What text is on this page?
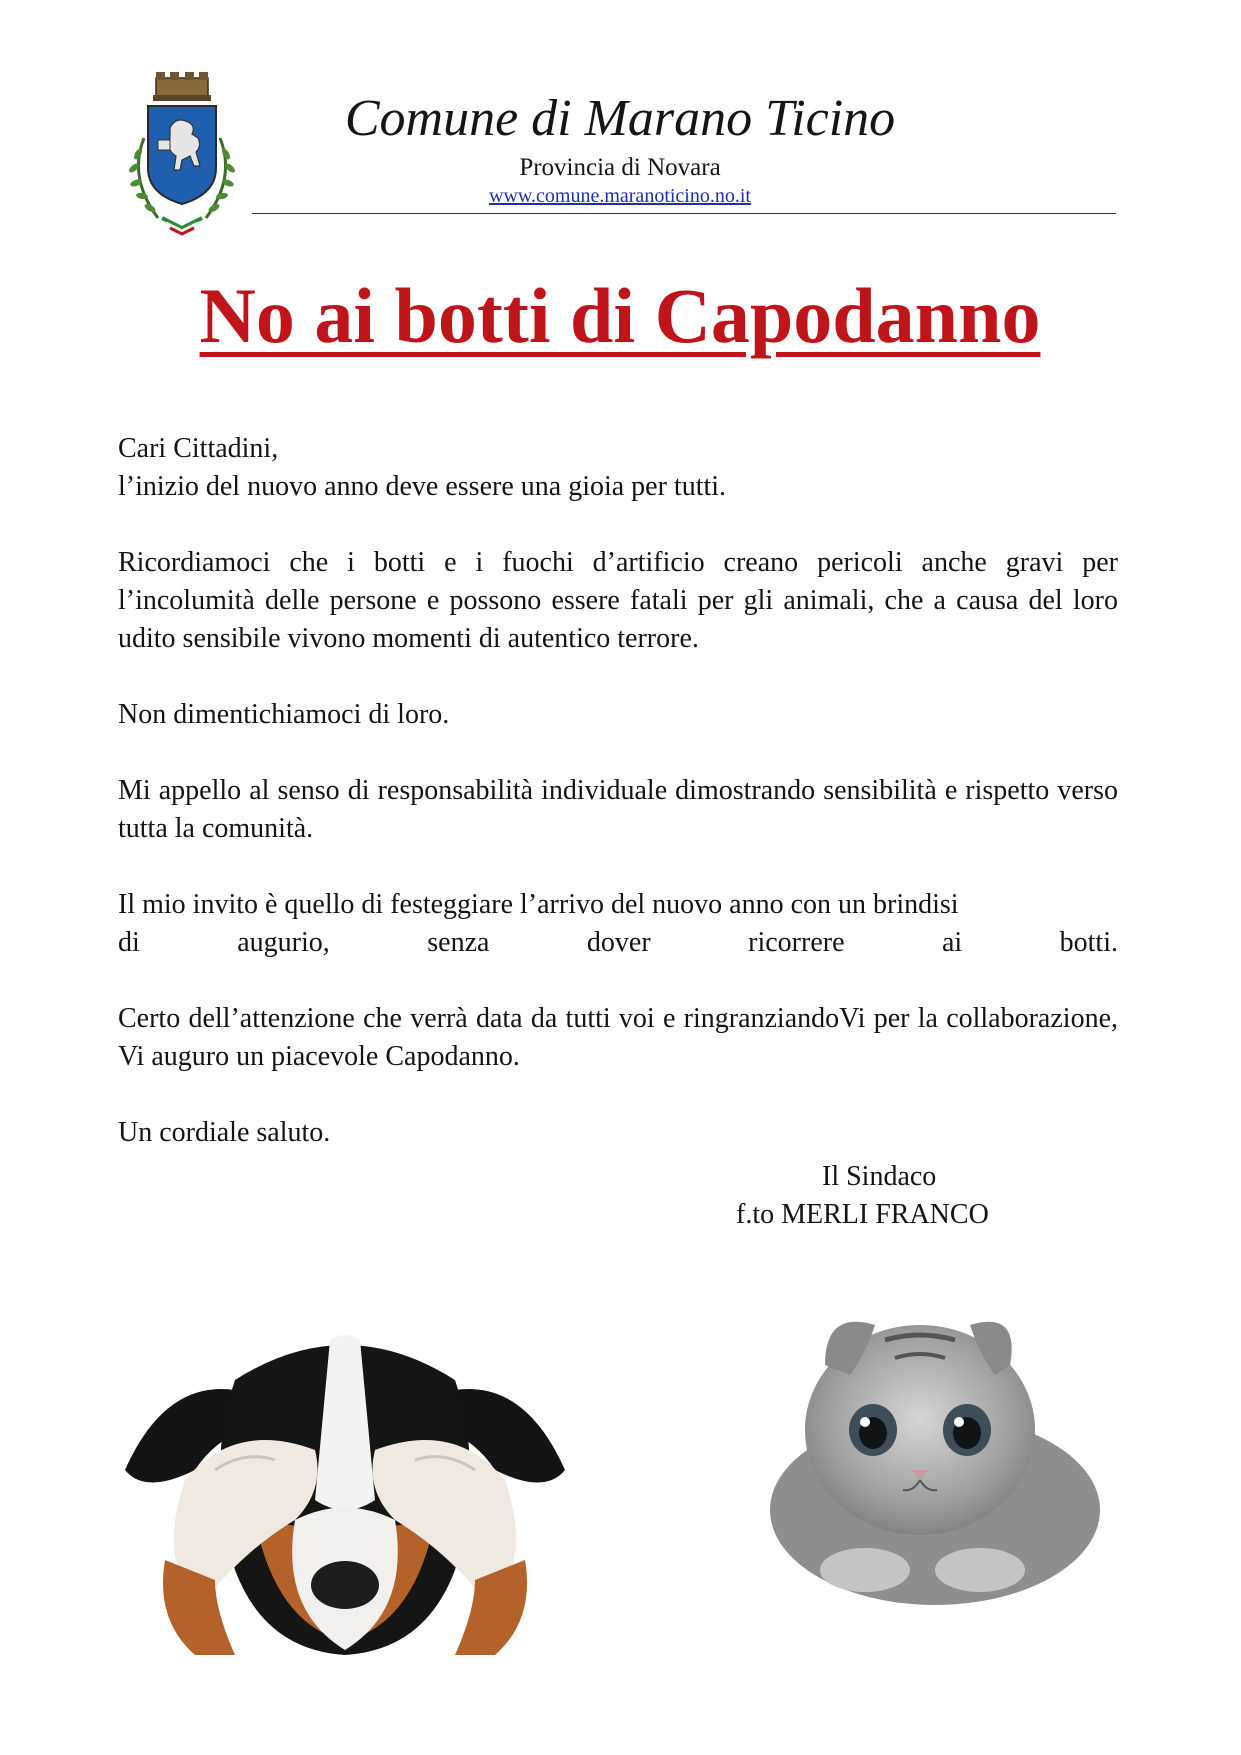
Comune di Marano Ticino
Provincia di Novara
www.comune.maranoticino.no.it
No ai botti di Capodanno

Cari Cittadini,

l’inizio del nuovo anno deve essere una gioia per tutti.

Ricordiamoci che i botti e i fuochi d’artificio creano pericoli anche gravi per l’incolumità delle persone e possono essere fatali per gli animali, che a causa del loro udito sensibile vivono momenti di autentico terrore.

Non dimentichiamoci di loro.

Mi appello al senso di responsabilità individuale dimostrando sensibilità e rispetto verso tutta la comunità.

Il mio invito è quello di festeggiare l’arrivo del nuovo anno con un brindisi

di augurio, senza dover ricorrere ai botti.

Certo dell’attenzione che verrà data da tutti voi e ringranziandoVi per la collaborazione, Vi auguro un piacevole Capodanno.

Un cordiale saluto.

Il Sindaco
f.to MERLI FRANCO
